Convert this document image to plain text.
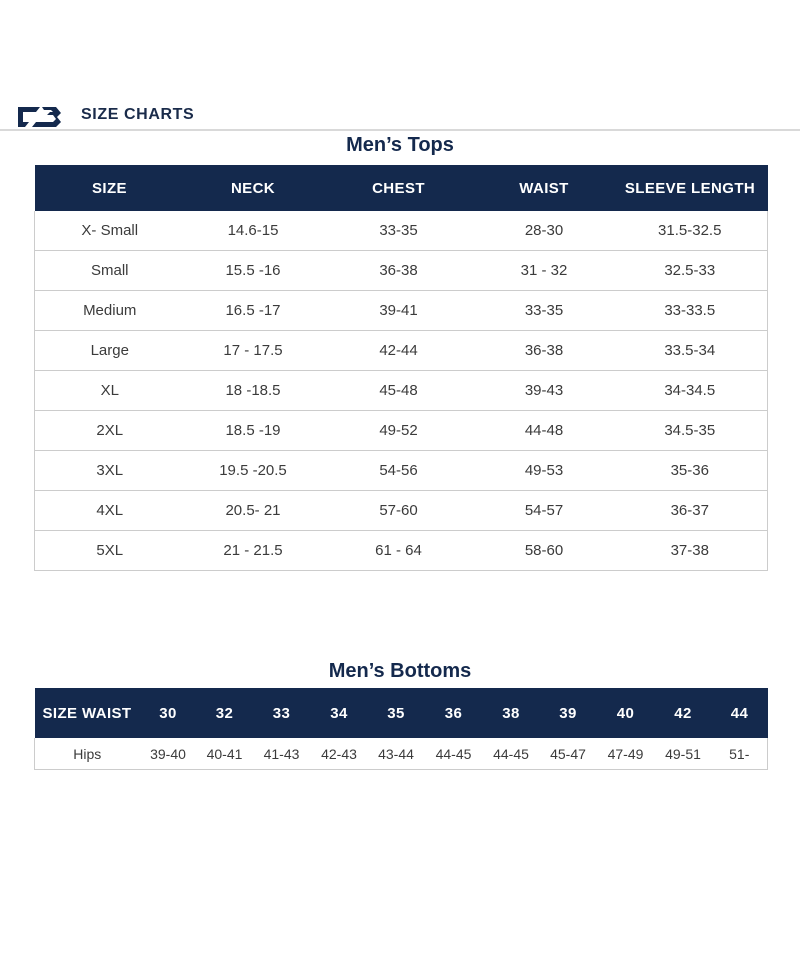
SIZE CHARTS
Men’s Tops
SIZE	NECK	CHEST	WAIST	SLEEVE LENGTH
X- Small	14.6-15	33-35	28-30	31.5-32.5
Small	15.5 -16	36-38	31 - 32	32.5-33
Medium	16.5 -17	39-41	33-35	33-33.5
Large	17 - 17.5	42-44	36-38	33.5-34
XL	18 -18.5	45-48	39-43	34-34.5
2XL	18.5 -19	49-52	44-48	34.5-35
3XL	19.5 -20.5	54-56	49-53	35-36
4XL	20.5- 21	57-60	54-57	36-37
5XL	21 - 21.5	61 - 64	58-60	37-38
Men’s Bottoms
SIZE WAIST	30	32	33	34	35	36	38	39	40	42	44
Hips	39-40	40-41	41-43	42-43	43-44	44-45	44-45	45-47	47-49	49-51	51-
